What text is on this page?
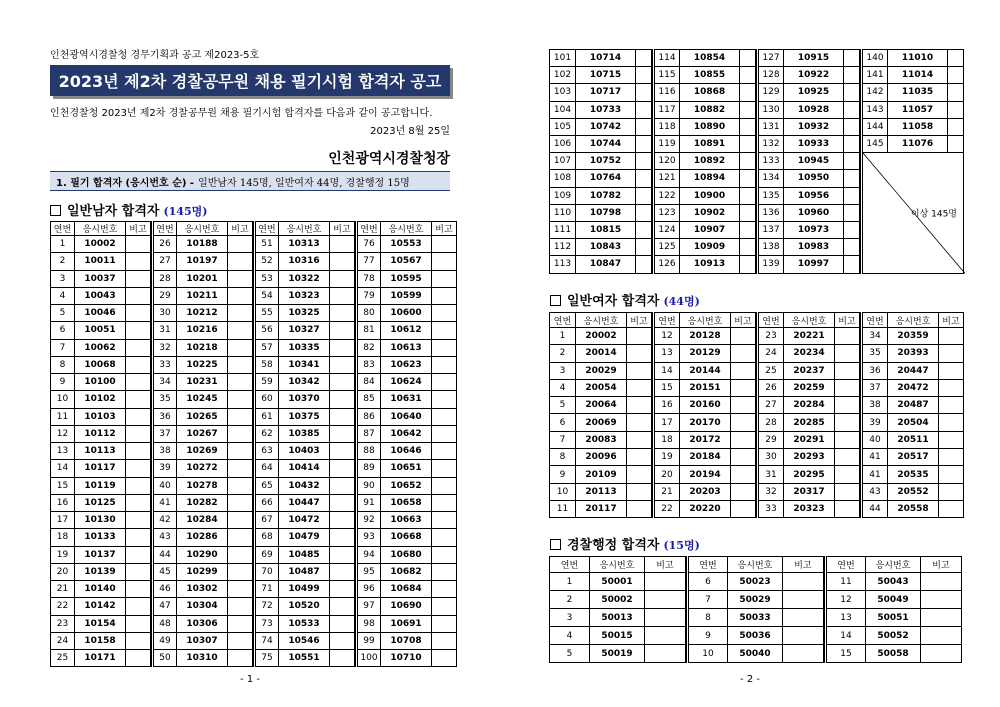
인천광역시경찰청 경무기획과 공고 제2023-5호
2023년 제2차 경찰공무원 채용 필기시험 합격자 공고
인천경찰청 2023년 제2차 경찰공무원 채용 필기시험 합격자를 다음과 같이 공고합니다.
2023년 8월 25일
인천광역시경찰청장
1. 필기 합격자 (응시번호 순) - 일반남자 145명, 일반여자 44명, 경찰행정 15명
일반남자 합격자 (145명)
연번	응시번호	비고
1	10002	
2	10011	
3	10037	
4	10043	
5	10046	
6	10051	
7	10062	
8	10068	
9	10100	
10	10102	
11	10103	
12	10112	
13	10113	
14	10117	
15	10119	
16	10125	
17	10130	
18	10133	
19	10137	
20	10139	
21	10140	
22	10142	
23	10154	
24	10158	
25	10171	
연번	응시번호	비고
26	10188	
27	10197	
28	10201	
29	10211	
30	10212	
31	10216	
32	10218	
33	10225	
34	10231	
35	10245	
36	10265	
37	10267	
38	10269	
39	10272	
40	10278	
41	10282	
42	10284	
43	10286	
44	10290	
45	10299	
46	10302	
47	10304	
48	10306	
49	10307	
50	10310	
연번	응시번호	비고
51	10313	
52	10316	
53	10322	
54	10323	
55	10325	
56	10327	
57	10335	
58	10341	
59	10342	
60	10370	
61	10375	
62	10385	
63	10403	
64	10414	
65	10432	
66	10447	
67	10472	
68	10479	
69	10485	
70	10487	
71	10499	
72	10520	
73	10533	
74	10546	
75	10551	
연번	응시번호	비고
76	10553	
77	10567	
78	10595	
79	10599	
80	10600	
81	10612	
82	10613	
83	10623	
84	10624	
85	10631	
86	10640	
87	10642	
88	10646	
89	10651	
90	10652	
91	10658	
92	10663	
93	10668	
94	10680	
95	10682	
96	10684	
97	10690	
98	10691	
99	10708	
100	10710	
- 1 -
101	10714	
102	10715	
103	10717	
104	10733	
105	10742	
106	10744	
107	10752	
108	10764	
109	10782	
110	10798	
111	10815	
112	10843	
113	10847	
114	10854	
115	10855	
116	10868	
117	10882	
118	10890	
119	10891	
120	10892	
121	10894	
122	10900	
123	10902	
124	10907	
125	10909	
126	10913	
127	10915	
128	10922	
129	10925	
130	10928	
131	10932	
132	10933	
133	10945	
134	10950	
135	10956	
136	10960	
137	10973	
138	10983	
139	10997	
140	11010	
141	11014	
142	11035	
143	11057	
144	11058	
145	11076	

이상 145명		
일반여자 합격자 (44명)
연번	응시번호	비고
1	20002	
2	20014	
3	20029	
4	20054	
5	20064	
6	20069	
7	20083	
8	20096	
9	20109	
10	20113	
11	20117	
연번	응시번호	비고
12	20128	
13	20129	
14	20144	
15	20151	
16	20160	
17	20170	
18	20172	
19	20184	
20	20194	
21	20203	
22	20220	
연번	응시번호	비고
23	20221	
24	20234	
25	20237	
26	20259	
27	20284	
28	20285	
29	20291	
30	20293	
31	20295	
32	20317	
33	20323	
연번	응시번호	비고
34	20359	
35	20393	
36	20447	
37	20472	
38	20487	
39	20504	
40	20511	
41	20517	
41	20535	
43	20552	
44	20558	
경찰행정 합격자 (15명)
연번	응시번호	비고
1	50001	
2	50002	
3	50013	
4	50015	
5	50019	
연번	응시번호	비고
6	50023	
7	50029	
8	50033	
9	50036	
10	50040	
연번	응시번호	비고
11	50043	
12	50049	
13	50051	
14	50052	
15	50058	
- 2 -
